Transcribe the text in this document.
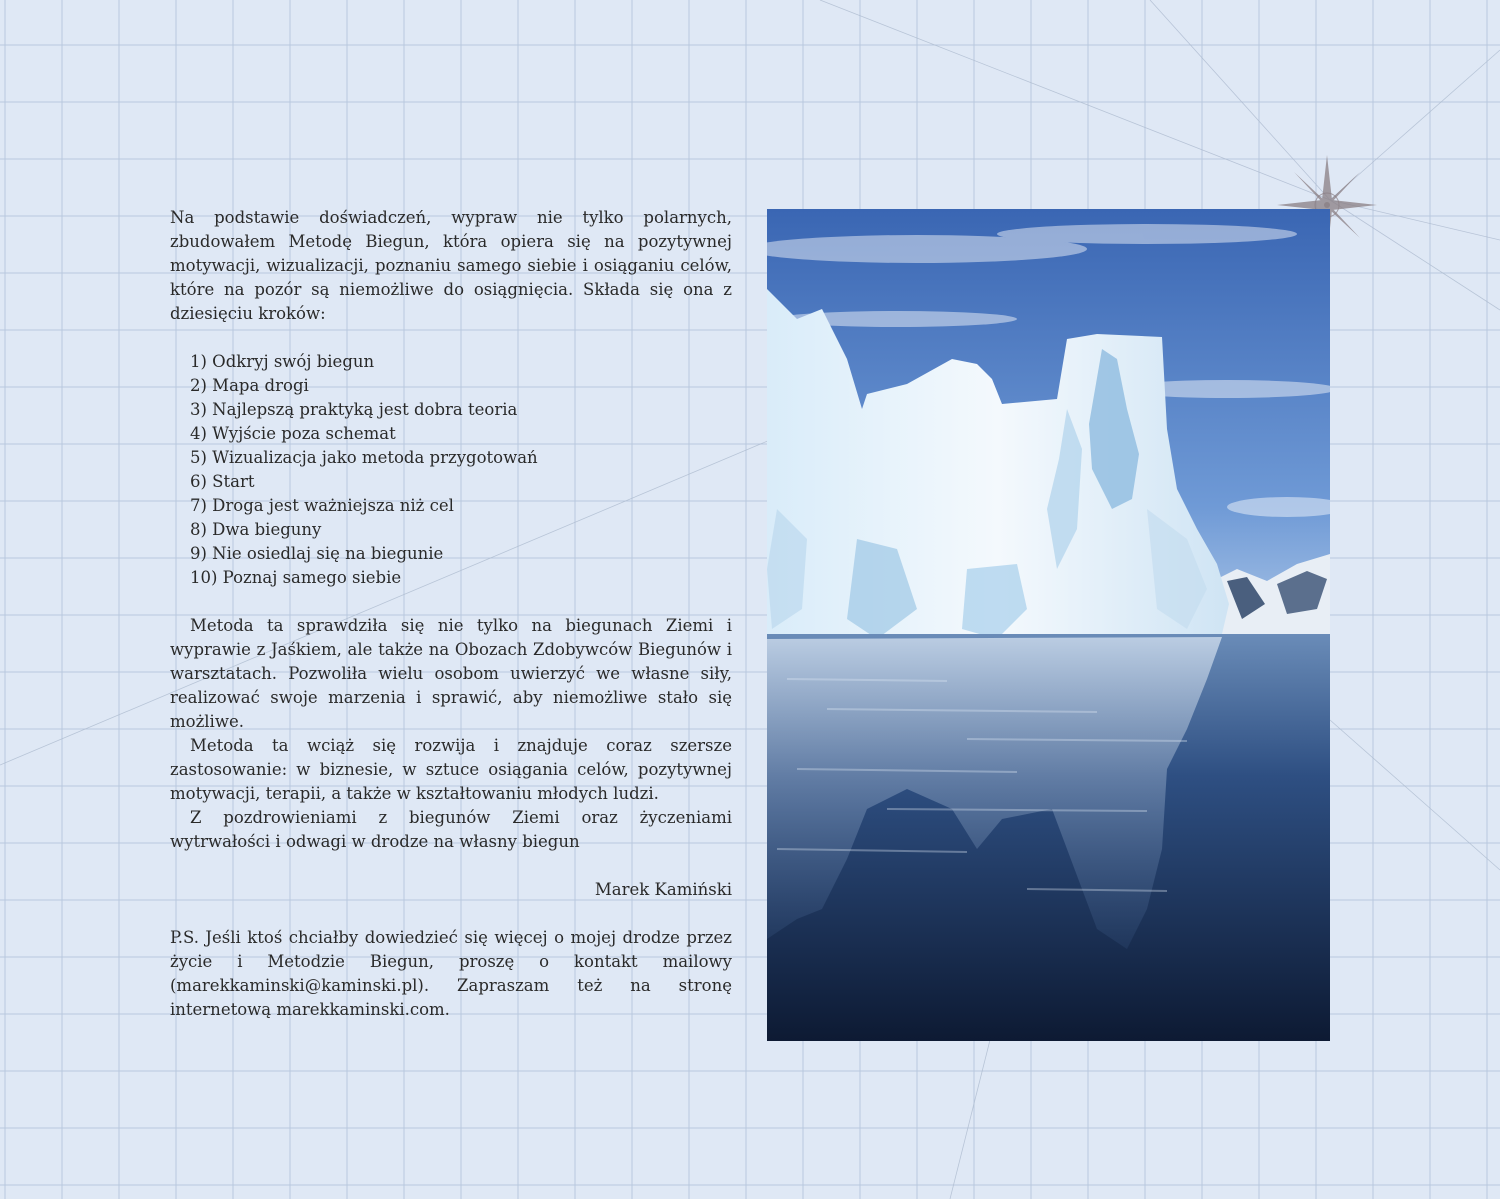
Na podstawie doświadczeń, wypraw nie tylko polarnych, zbudowałem Metodę Biegun, która opiera się na pozytywnej motywacji, wizualizacji, poznaniu samego siebie i osiąganiu celów, które na pozór są niemożliwe do osiągnięcia. Składa się ona z dziesięciu kroków:

1) Odkryj swój biegun
2) Mapa drogi
3) Najlepszą praktyką jest dobra teoria
4) Wyjście poza schemat
5) Wizualizacja jako metoda przygotowań
6) Start
7) Droga jest ważniejsza niż cel
8) Dwa bieguny
9) Nie osiedlaj się na biegunie
10) Poznaj samego siebie

Metoda ta sprawdziła się nie tylko na biegunach Ziemi i wyprawie z Jaśkiem, ale także na Obozach Zdobywców Biegunów i warsztatach. Pozwoliła wielu osobom uwierzyć we własne siły, realizować swoje marzenia i sprawić, aby niemożliwe stało się możliwe.

Metoda ta wciąż się rozwija i znajduje coraz szersze zastosowanie: w biznesie, w sztuce osiągania celów, pozytywnej motywacji, terapii, a także w kształtowaniu młodych ludzi.

Z pozdrowieniami z biegunów Ziemi oraz życzeniami wytrwałości i odwagi w drodze na własny biegun

Marek Kamiński

P.S. Jeśli ktoś chciałby dowiedzieć się więcej o mojej drodze przez życie i Metodzie Biegun, proszę o kontakt mailowy (marekkaminski@kaminski.pl). Zapraszam też na stronę internetową marekkaminski.com.
